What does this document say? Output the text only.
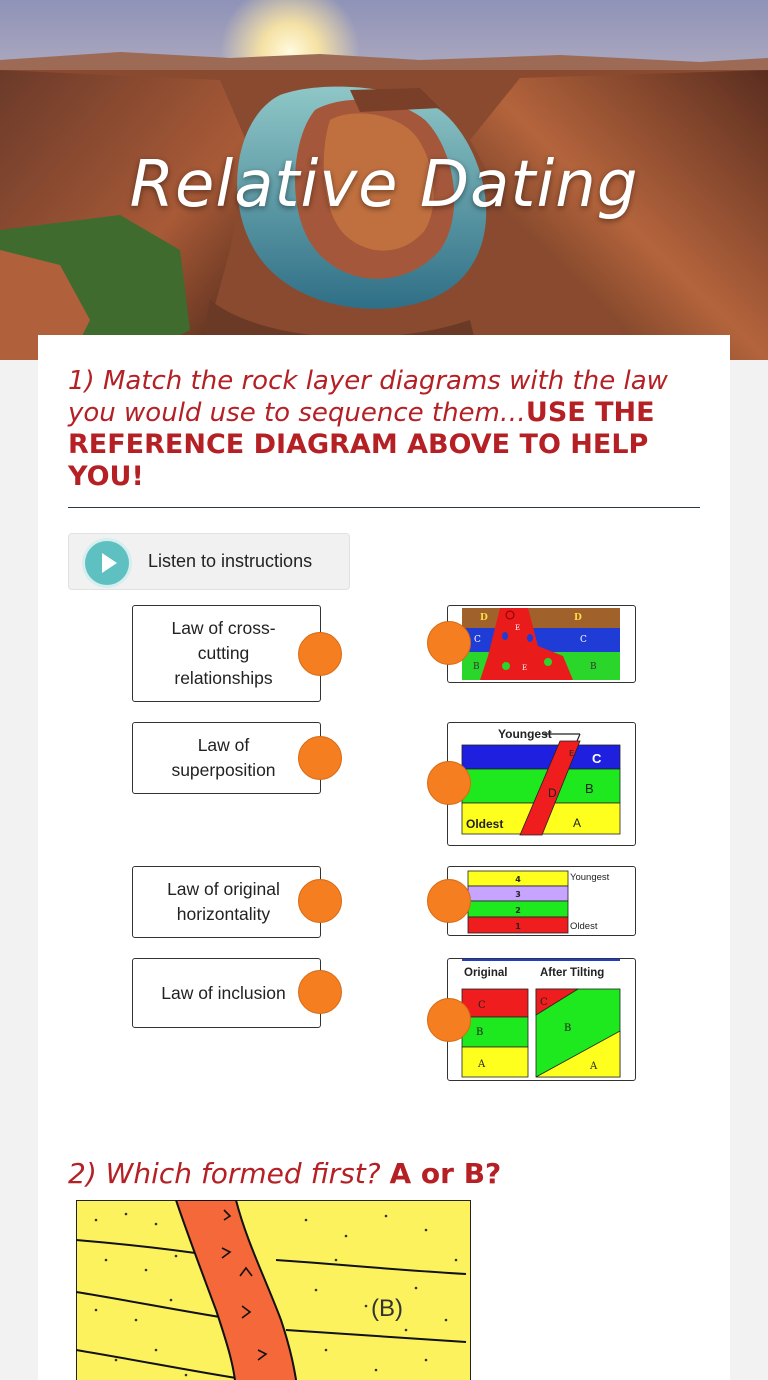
Relative Dating
1) Match the rock layer diagrams with the law you would use to sequence them…USE THE REFERENCE DIAGRAM ABOVE TO HELP YOU!
Listen to instructions
Law of cross-
cutting
relationships
Law of
superposition
Law of original
horizontality
Law of inclusion
D
E
D
C	C
B	E	B
Youngest
E C
D B
A
Oldest
4
3
2
1
Youngest
Oldest
Original	After Tilting
C
B
A
C
B
A
2) Which formed first? A or B?
(B)
